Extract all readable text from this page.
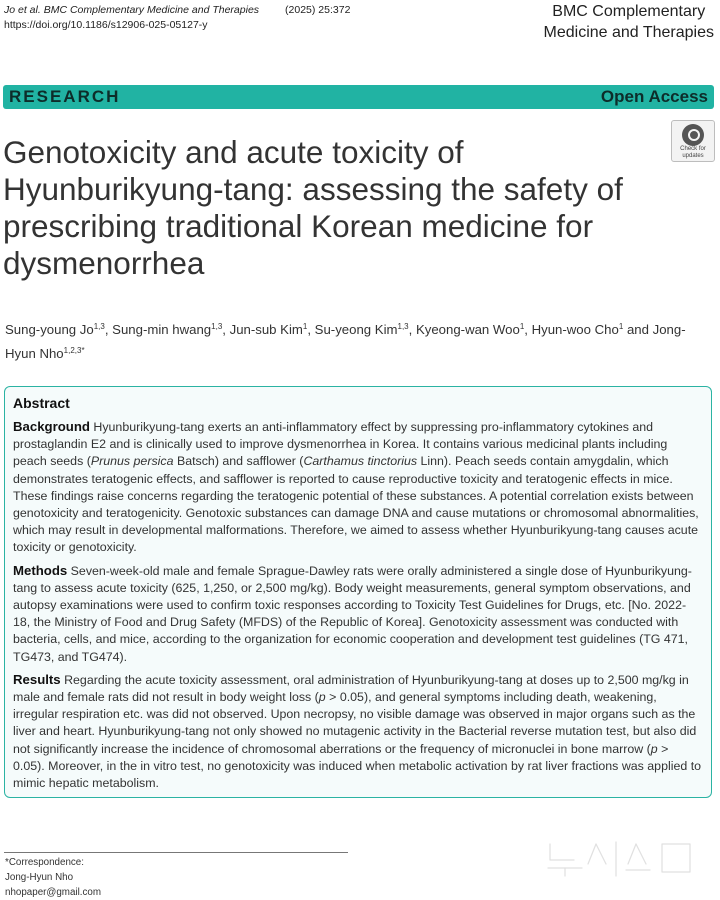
Jo et al. BMC Complementary Medicine and Therapies (2025) 25:372
https://doi.org/10.1186/s12906-025-05127-y
BMC Complementary
Medicine and Therapies
RESEARCH	Open Access
Check for
updates
Genotoxicity and acute toxicity of Hyunburikyung-tang: assessing the safety of prescribing traditional Korean medicine for dysmenorrhea
Sung-young Jo$^{1,3}$, Sung-min hwang$^{1,3}$, Jun-sub Kim$^1$, Su-yeong Kim$^{1,3}$, Kyeong-wan Woo$^1$, Hyun-woo Cho$^1$ and Jong-Hyun Nho$^{1,2,3*}$
Abstract

Background Hyunburikyung-tang exerts an anti-inflammatory effect by suppressing pro-inflammatory cytokines and prostaglandin E2 and is clinically used to improve dysmenorrhea in Korea. It contains various medicinal plants including peach seeds (Prunus persica Batsch) and safflower (Carthamus tinctorius Linn). Peach seeds contain amygdalin, which demonstrates teratogenic effects, and safflower is reported to cause reproductive toxicity and teratogenic effects in mice. These findings raise concerns regarding the teratogenic potential of these substances. A potential correlation exists between genotoxicity and teratogenicity. Genotoxic substances can damage DNA and cause mutations or chromosomal abnormalities, which may result in developmental malformations. Therefore, we aimed to assess whether Hyunburikyung-tang causes acute toxicity or genotoxicity.

Methods Seven-week-old male and female Sprague-Dawley rats were orally administered a single dose of Hyunburikyung-tang to assess acute toxicity (625, 1,250, or 2,500 mg/kg). Body weight measurements, general symptom observations, and autopsy examinations were used to confirm toxic responses according to Toxicity Test Guidelines for Drugs, etc. [No. 2022-18, the Ministry of Food and Drug Safety (MFDS) of the Republic of Korea]. Genotoxicity assessment was conducted with bacteria, cells, and mice, according to the organization for economic cooperation and development test guidelines (TG 471, TG473, and TG474).

Results Regarding the acute toxicity assessment, oral administration of Hyunburikyung-tang at doses up to 2,500 mg/kg in male and female rats did not result in body weight loss (p > 0.05), and general symptoms including death, weakening, irregular respiration etc. was did not observed. Upon necropsy, no visible damage was observed in major organs such as the liver and heart. Hyunburikyung-tang not only showed no mutagenic activity in the Bacterial reverse mutation test, but also did not significantly increase the incidence of chromosomal aberrations or the frequency of micronuclei in bone marrow (p > 0.05). Moreover, in the in vitro test, no genotoxicity was induced when metabolic activation by rat liver fractions was applied to mimic hepatic metabolism.

*Correspondence:
Jong-Hyun Nho
nhopaper@gmail.com
